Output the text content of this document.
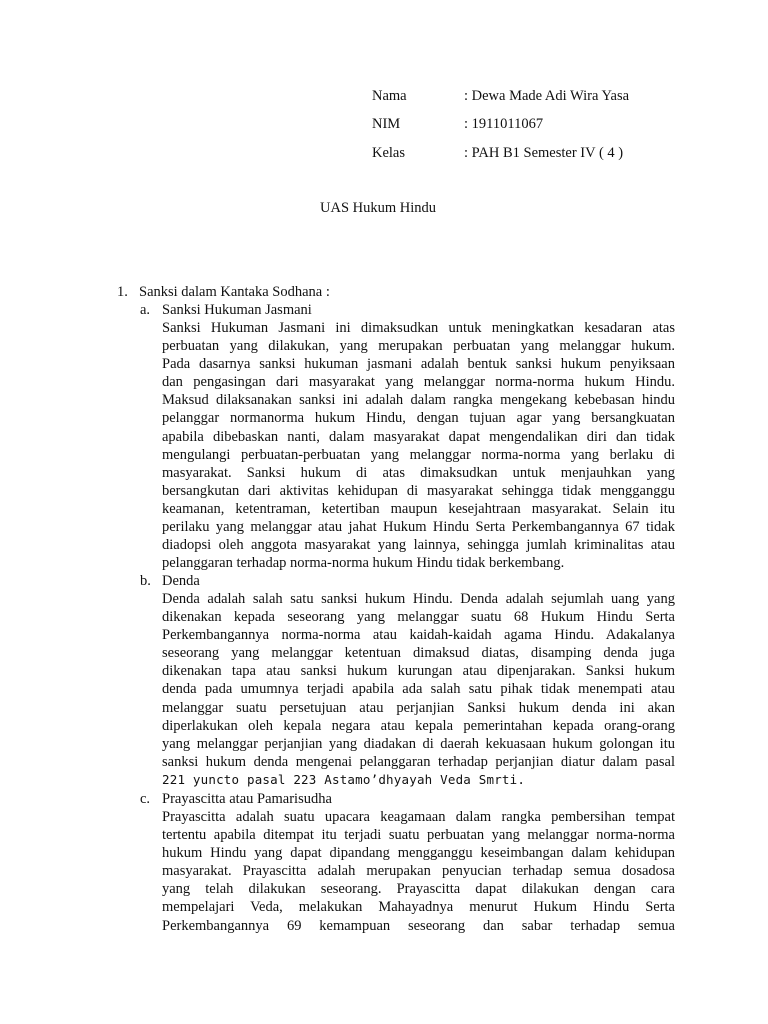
Nama	: Dewa Made Adi Wira Yasa
NIM	: 1911011067
Kelas	: PAH B1 Semester IV ( 4 )
UAS Hukum Hindu
1. Sanksi dalam Kantaka Sodhana :
a. Sanksi Hukuman Jasmani
Sanksi Hukuman Jasmani ini dimaksudkan untuk meningkatkan kesadaran atas
perbuatan yang dilakukan, yang merupakan perbuatan yang melanggar hukum.
Pada dasarnya sanksi hukuman jasmani adalah bentuk sanksi hukum penyiksaan
dan pengasingan dari masyarakat yang melanggar norma-norma hukum Hindu.
Maksud dilaksanakan sanksi ini adalah dalam rangka mengekang kebebasan hindu
pelanggar normanorma hukum Hindu, dengan tujuan agar yang bersangkuatan
apabila dibebaskan nanti, dalam masyarakat dapat mengendalikan diri dan tidak
mengulangi perbuatan-perbuatan yang melanggar norma-norma yang berlaku di
masyarakat. Sanksi hukum di atas dimaksudkan untuk menjauhkan yang
bersangkutan dari aktivitas kehidupan di masyarakat sehingga tidak mengganggu
keamanan, ketentraman, ketertiban maupun kesejahtraan masyarakat. Selain itu
perilaku yang melanggar atau jahat Hukum Hindu Serta Perkembangannya 67 tidak
diadopsi oleh anggota masyarakat yang lainnya, sehingga jumlah kriminalitas atau
pelanggaran terhadap norma-norma hukum Hindu tidak berkembang.
b. Denda
Denda adalah salah satu sanksi hukum Hindu. Denda adalah sejumlah uang yang
dikenakan kepada seseorang yang melanggar suatu 68 Hukum Hindu Serta
Perkembangannya norma-norma atau kaidah-kaidah agama Hindu. Adakalanya
seseorang yang melanggar ketentuan dimaksud diatas, disamping denda juga
dikenakan tapa atau sanksi hukum kurungan atau dipenjarakan. Sanksi hukum
denda pada umumnya terjadi apabila ada salah satu pihak tidak menempati atau
melanggar suatu persetujuan atau perjanjian Sanksi hukum denda ini akan
diperlakukan oleh kepala negara atau kepala pemerintahan kepada orang-orang
yang melanggar perjanjian yang diadakan di daerah kekuasaan hukum golongan itu
sanksi hukum denda mengenai pelanggaran terhadap perjanjian diatur dalam pasal
221 yuncto pasal 223 Astamo’dhyayah Veda Smrti.
c. Prayascitta atau Pamarisudha
Prayascitta adalah suatu upacara keagamaan dalam rangka pembersihan tempat
tertentu apabila ditempat itu terjadi suatu perbuatan yang melanggar norma-norma
hukum Hindu yang dapat dipandang mengganggu keseimbangan dalam kehidupan
masyarakat. Prayascitta adalah merupakan penyucian terhadap semua dosadosa
yang telah dilakukan seseorang. Prayascitta dapat dilakukan dengan cara
mempelajari Veda, melakukan Mahayadnya menurut Hukum Hindu Serta
Perkembangannya 69 kemampuan seseorang dan sabar terhadap semua
